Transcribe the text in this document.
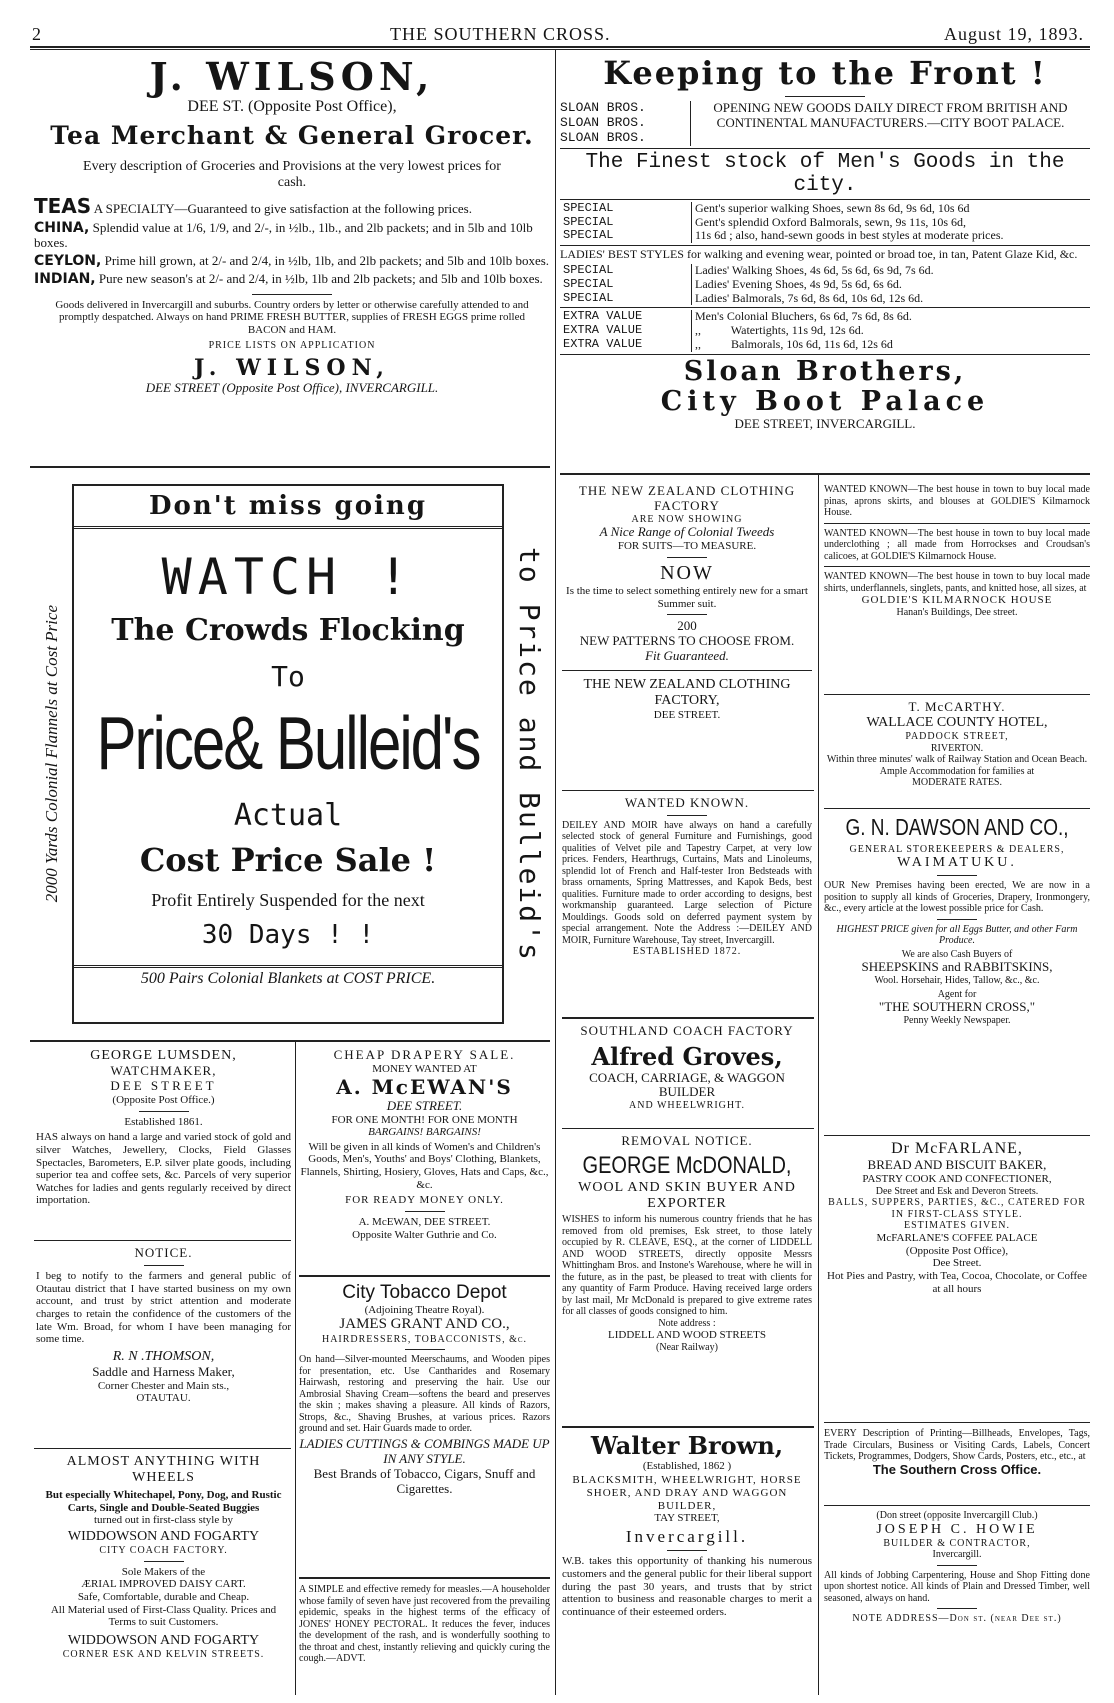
2	THE SOUTHERN CROSS.	August 19, 1893.
J. WILSON,
DEE ST. (Opposite Post Office),
Tea Merchant & General Grocer.

Every description of Groceries and Provisions at the very lowest prices for cash.

TEAS A SPECIALTY—Guaranteed to give satisfaction at the following prices.

CHINA, Splendid value at 1/6, 1/9, and 2/-, in ½lb., 1lb., and 2lb packets; and in 5lb and 10lb boxes.

CEYLON, Prime hill grown, at 2/- and 2/4, in ½lb, 1lb, and 2lb packets; and 5lb and 10lb boxes.

INDIAN, Pure new season's at 2/- and 2/4, in ½lb, 1lb and 2lb packets; and 5lb and 10lb boxes.

Goods delivered in Invercargill and suburbs. Country orders by letter or otherwise carefully attended to and promptly despatched. Always on hand PRIME FRESH BUTTER, supplies of FRESH EGGS prime rolled BACON and HAM.

PRICE LISTS ON APPLICATION
J. WILSON,
DEE STREET (Opposite Post Office), INVERCARGILL.
Keeping to the Front !
SLOAN BROS.
SLOAN BROS.
SLOAN BROS.
OPENING NEW GOODS DAILY DIRECT FROM BRITISH AND CONTINENTAL MANUFACTURERS.—CITY BOOT PALACE.
The Finest stock of Men's Goods in the city.
SPECIAL	Gent's superior walking Shoes, sewn 8s 6d, 9s 6d, 10s 6d
SPECIAL	Gent's splendid Oxford Balmorals, sewn, 9s 11s, 10s 6d,
SPECIAL	11s 6d ; also, hand-sewn goods in best styles at moderate prices.

LADIES' BEST STYLES for walking and evening wear, pointed or broad toe, in tan, Patent Glaze Kid, &c.

SPECIAL	Ladies' Walking Shoes, 4s 6d, 5s 6d, 6s 9d, 7s 6d.
SPECIAL	Ladies' Evening Shoes, 4s 9d, 5s 6d, 6s 6d.
SPECIAL	Ladies' Balmorals, 7s 6d, 8s 6d, 10s 6d, 12s 6d.
EXTRA VALUE	Men's Colonial Bluchers, 6s 6d, 7s 6d, 8s 6d.
EXTRA VALUE	,,          Watertights, 11s 9d, 12s 6d.
EXTRA VALUE	,,          Balmorals, 10s 6d, 11s 6d, 12s 6d
Sloan Brothers,
City Boot Palace
DEE STREET, INVERCARGILL.
2000 Yards Colonial Flannels at Cost Price
Don't miss going
WATCH !
The Crowds Flocking
To
Price& Bulleid's
Actual
Cost Price Sale !
Profit Entirely Suspended for the next
30 Days ! !
500 Pairs Colonial Blankets at COST PRICE.
to Price and Bulleid's
GEORGE LUMSDEN,
WATCHMAKER,
DEE STREET
(Opposite Post Office.)
Established 1861.

HAS always on hand a large and varied stock of gold and silver Watches, Jewellery, Clocks, Field Glasses Spectacles, Barometers, E.P. silver plate goods, including superior tea and coffee sets, &c. Parcels of very superior Watches for ladies and gents regularly received by direct importation.

NOTICE.

I beg to notify to the farmers and general public of Otautau district that I have started business on my own account, and trust by strict attention and moderate charges to retain the confidence of the customers of the late Wm. Broad, for whom I have been managing for some time.

R. N .THOMSON,
Saddle and Harness Maker,
Corner Chester and Main sts.,
OTAUTAU.
ALMOST ANYTHING WITH WHEELS

But especially Whitechapel, Pony, Dog, and Rustic Carts, Single and Double-Seated Buggies

turned out in first-class style by
WIDDOWSON AND FOGARTY
CITY COACH FACTORY.
Sole Makers of the
ÆRIAL IMPROVED DAISY CART.
Safe, Comfortable, durable and Cheap.
All Material used of First-Class Quality. Prices and Terms to suit Customers.
WIDDOWSON AND FOGARTY
CORNER ESK AND KELVIN STREETS.
CHEAP DRAPERY SALE.
MONEY WANTED AT
A. McEWAN'S
DEE STREET.
FOR ONE MONTH! FOR ONE MONTH
BARGAINS! BARGAINS!

Will be given in all kinds of Women's and Children's Goods, Men's, Youths' and Boys' Clothing, Blankets, Flannels, Shirting, Hosiery, Gloves, Hats and Caps, &c., &c.

FOR READY MONEY ONLY.
A. McEWAN, DEE STREET.
Opposite Walter Guthrie and Co.
City Tobacco Depot
(Adjoining Theatre Royal).
JAMES GRANT AND CO.,
HAIRDRESSERS, TOBACCONISTS, &c.

On hand—Silver-mounted Meerschaums, and Wooden pipes for presentation, etc. Use Cantharides and Rosemary Hairwash, restoring and preserving the hair. Use our Ambrosial Shaving Cream—softens the beard and preserves the skin ; makes shaving a pleasure. All kinds of Razors, Strops, &c., Shaving Brushes, at various prices. Razors ground and set. Hair Guards made to order.

LADIES CUTTINGS & COMBINGS MADE UP IN ANY STYLE.
Best Brands of Tobacco, Cigars, Snuff and Cigarettes.

A SIMPLE and effective remedy for measles.—A householder whose family of seven have just recovered from the prevailing epidemic, speaks in the highest terms of the efficacy of JONES' HONEY PECTORAL. It reduces the fever, induces the development of the rash, and is wonderfully soothing to the throat and chest, instantly relieving and quickly curing the cough.—ADVT.

THE NEW ZEALAND CLOTHING FACTORY
ARE NOW SHOWING
A Nice Range of Colonial Tweeds
FOR SUITS—TO MEASURE.
NOW
Is the time to select something entirely new for a smart Summer suit.
200
NEW PATTERNS TO CHOOSE FROM.
Fit Guaranteed.
THE NEW ZEALAND CLOTHING FACTORY,
DEE STREET.
WANTED KNOWN.

DEILEY AND MOIR have always on hand a carefully selected stock of general Furniture and Furnishings, good qualities of Velvet pile and Tapestry Carpet, at very low prices. Fenders, Hearthrugs, Curtains, Mats and Linoleums, splendid lot of French and Half-tester Iron Bedsteads with brass ornaments, Spring Mattresses, and Kapok Beds, best qualities. Furniture made to order according to designs, best workmanship guaranteed. Large selection of Picture Mouldings. Goods sold on deferred payment system by special arrangement. Note the Address :—DEILEY AND MOIR, Furniture Warehouse, Tay street, Invercargill.

ESTABLISHED 1872.
SOUTHLAND COACH FACTORY
Alfred Groves,
COACH, CARRIAGE, & WAGGON BUILDER
AND WHEELWRIGHT.
REMOVAL NOTICE.
GEORGE McDONALD,
WOOL AND SKIN BUYER AND EXPORTER

WISHES to inform his numerous country friends that he has removed from old premises, Esk street, to those lately occupied by R. CLEAVE, ESQ., at the corner of LIDDELL AND WOOD STREETS, directly opposite Messrs Whittingham Bros. and Instone's Warehouse, where he will in the future, as in the past, be pleased to treat with clients for any quantity of Farm Produce. Having received large orders by last mail, Mr McDonald is prepared to give extreme rates for all classes of goods consigned to him.

Note address :
LIDDELL AND WOOD STREETS
(Near Railway)
Walter Brown,
(Established, 1862 )
BLACKSMITH, WHEELWRIGHT, HORSE SHOER, AND DRAY AND WAGGON BUILDER,
TAY STREET,
Invercargill.

W.B. takes this opportunity of thanking his numerous customers and the general public for their liberal support during the past 30 years, and trusts that by strict attention to business and reasonable charges to merit a continuance of their esteemed orders.

WANTED KNOWN—The best house in town to buy local made pinas, aprons skirts, and blouses at GOLDIE'S Kilmarnock House.

WANTED KNOWN—The best house in town to buy local made underclothing ; all made from Horrockses and Croudsan's calicoes, at GOLDIE'S Kilmarnock House.

WANTED KNOWN—The best house in town to buy local made shirts, underflannels, singlets, pants, and knitted hose, all sizes, at

GOLDIE'S KILMARNOCK HOUSE
Hanan's Buildings, Dee street.
T. McCARTHY.
WALLACE COUNTY HOTEL,
PADDOCK STREET,
RIVERTON.

Within three minutes' walk of Railway Station and Ocean Beach.

Ample Accommodation for families at
MODERATE RATES.
G. N. DAWSON AND CO.,
GENERAL STOREKEEPERS & DEALERS,
WAIMATUKU.

OUR New Premises having been erected, We are now in a position to supply all kinds of Groceries, Drapery, Ironmongery, &c., every article at the lowest possible price for Cash.

HIGHEST PRICE given for all Eggs Butter, and other Farm Produce.

We are also Cash Buyers of
SHEEPSKINS and RABBITSKINS,
Wool. Horsehair, Hides, Tallow, &c., &c.
Agent for
"THE SOUTHERN CROSS,"
Penny Weekly Newspaper.
Dr McFARLANE,
BREAD AND BISCUIT BAKER,
PASTRY COOK AND CONFECTIONER,
Dee Street and Esk and Deveron Streets.
BALLS, SUPPERS, PARTIES, &C., CATERED FOR IN FIRST-CLASS STYLE.
ESTIMATES GIVEN.
McFARLANE'S COFFEE PALACE
(Opposite Post Office),
Dee Street.

Hot Pies and Pastry, with Tea, Cocoa, Chocolate, or Coffee at all hours

EVERY Description of Printing—Billheads, Envelopes, Tags, Trade Circulars, Business or Visiting Cards, Labels, Concert Tickets, Programmes, Dodgers, Show Cards, Posters, etc., etc., at

The Southern Cross Office.
(Don street (opposite Invercargill Club.)
JOSEPH C. HOWIE
BUILDER & CONTRACTOR,
Invercargill.

All kinds of Jobbing Carpentering, House and Shop Fitting done upon shortest notice. All kinds of Plain and Dressed Timber, well seasoned, always on hand.

NOTE ADDRESS—Don st. (near Dee st.)
